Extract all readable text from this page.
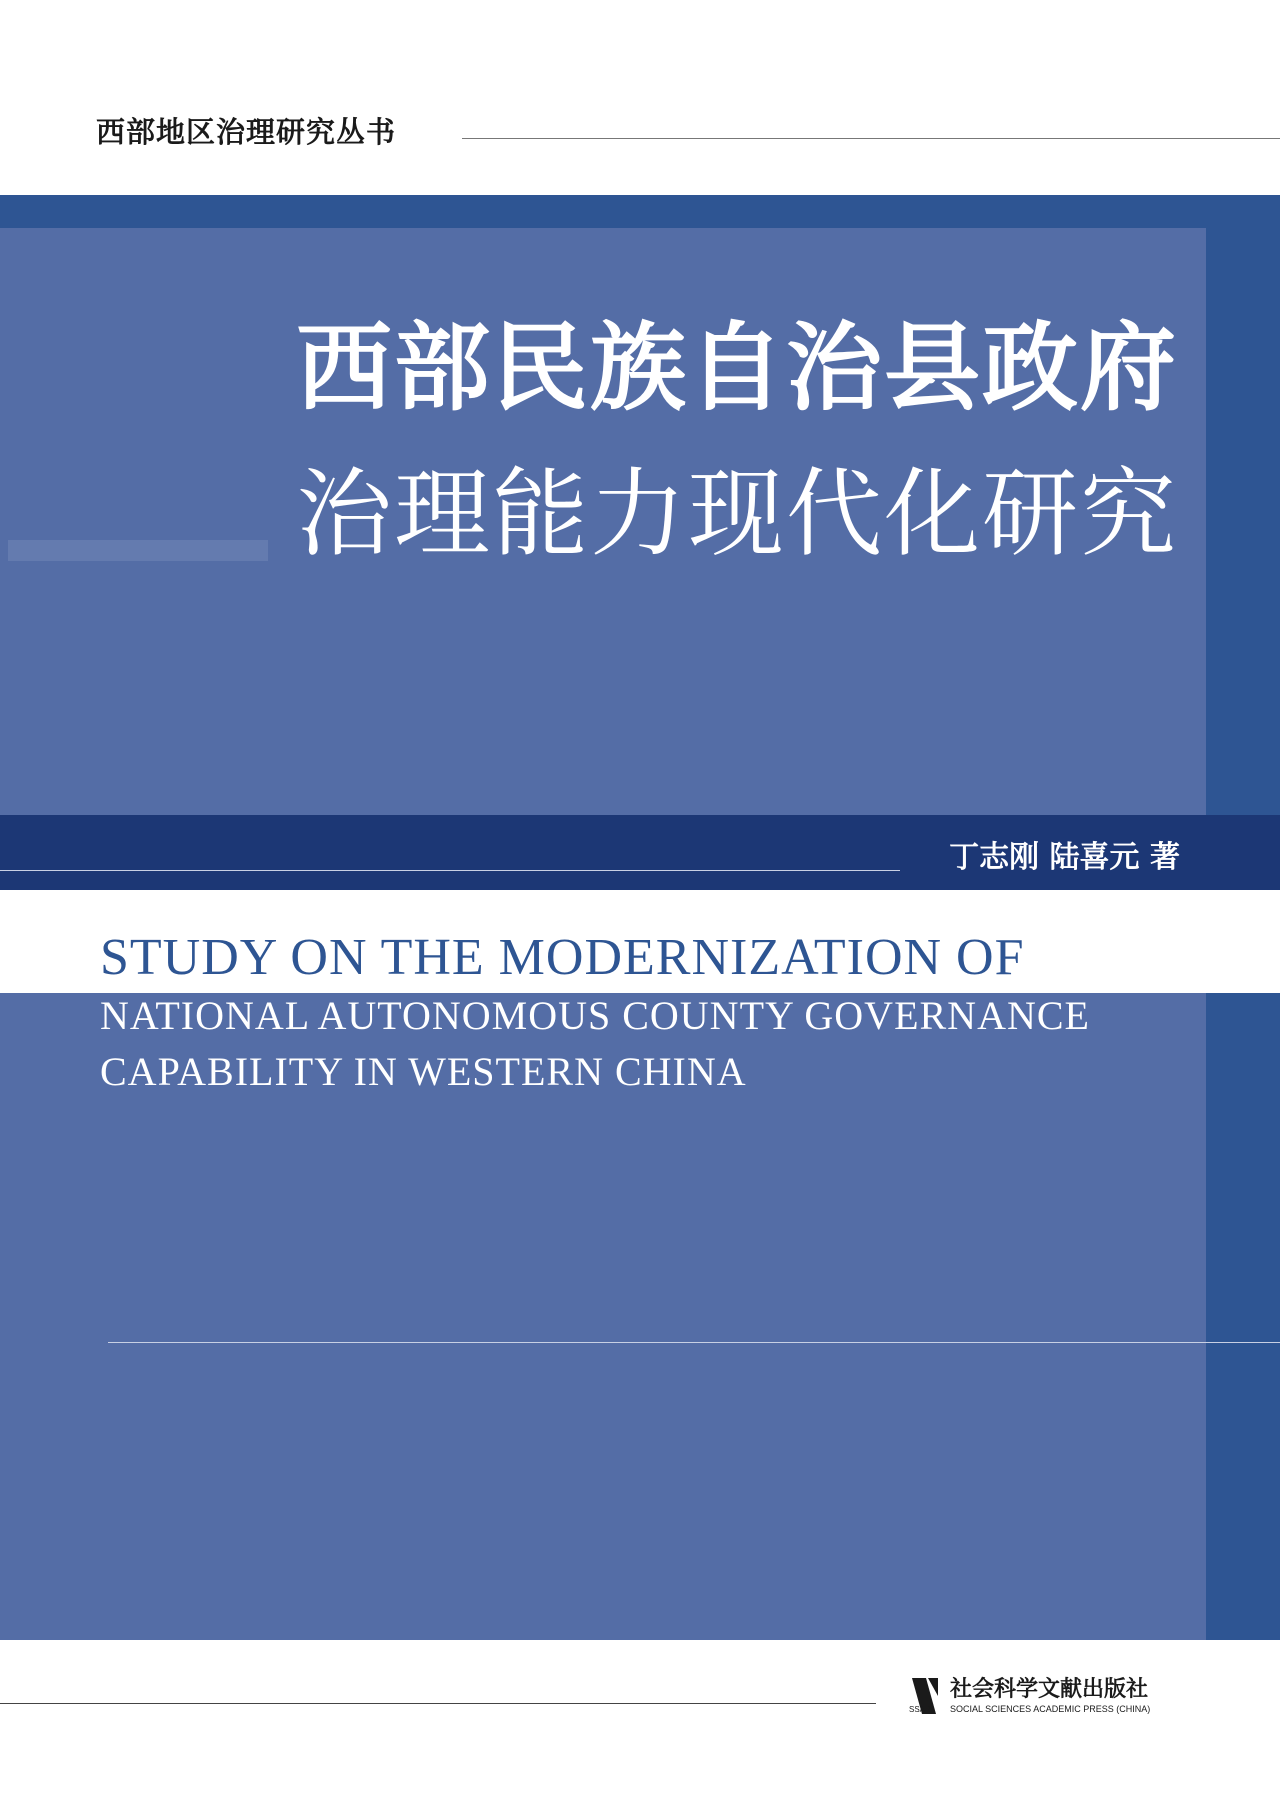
西部地区治理研究丛书
西部民族自治县政府
治理能力现代化研究
丁志刚 陆喜元 著
STUDY ON THE MODERNIZATION OF
NATIONAL AUTONOMOUS COUNTY GOVERNANCE
CAPABILITY IN WESTERN CHINA
SSAP
社会科学文献出版社
SOCIAL SCIENCES ACADEMIC PRESS (CHINA)
